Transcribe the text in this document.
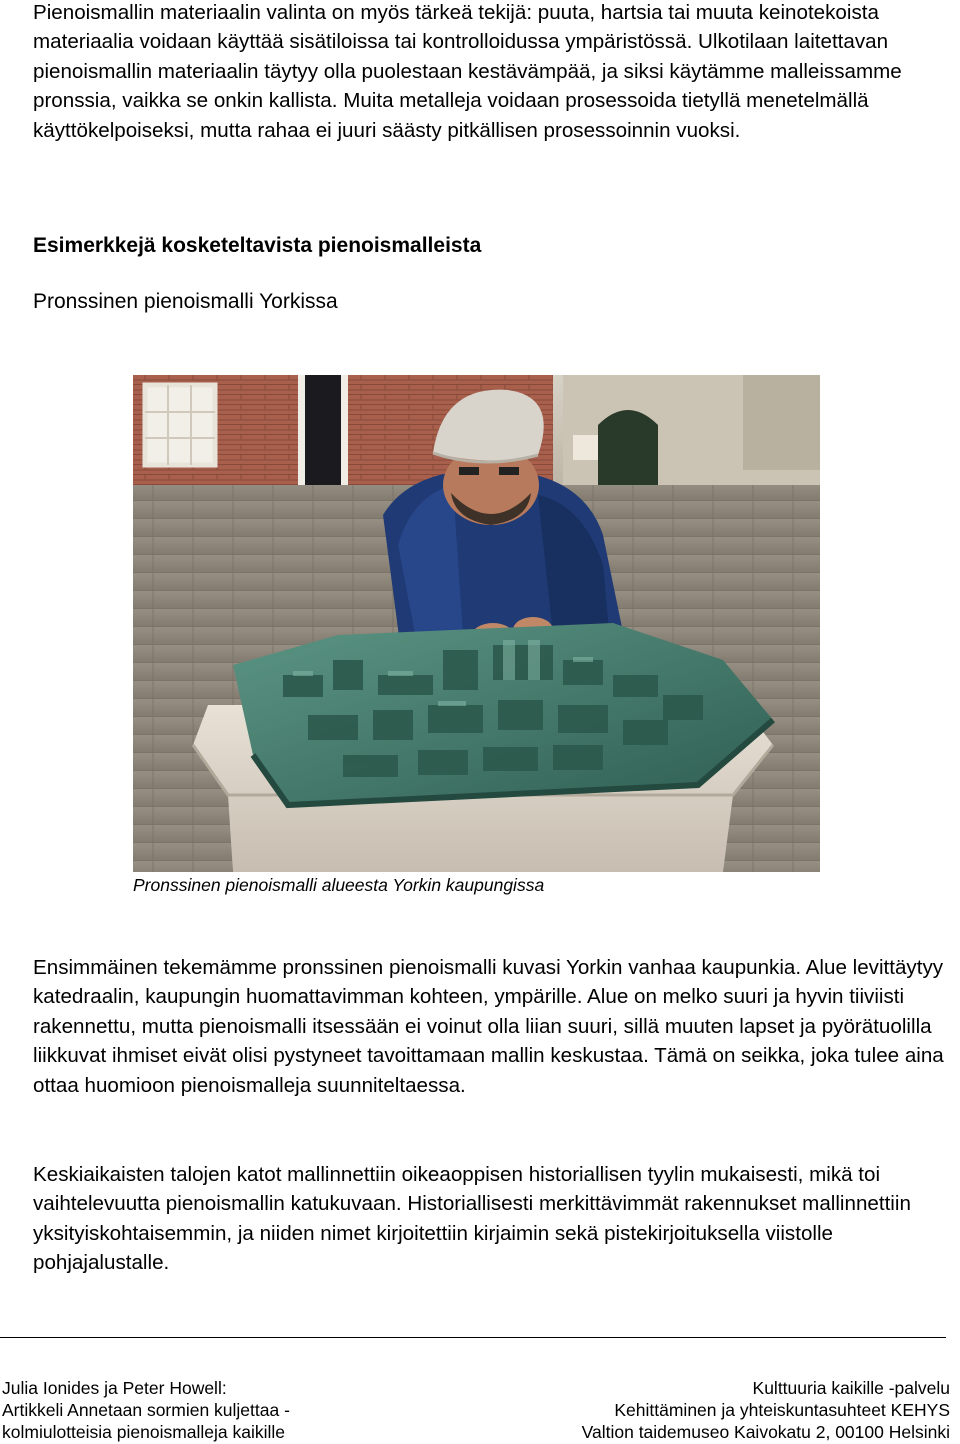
Pienoismallin materiaalin valinta on myös tärkeä tekijä: puuta, hartsia tai muuta keinotekoista materiaalia voidaan käyttää sisätiloissa tai kontrolloidussa ympäristössä. Ulkotilaan laitettavan pienoismallin materiaalin täytyy olla puolestaan kestävämpää, ja siksi käytämme malleissamme pronssia, vaikka se onkin kallista. Muita metalleja voidaan prosessoida tietyllä menetelmällä käyttökelpoiseksi, mutta rahaa ei juuri säästy pitkällisen prosessoinnin vuoksi.

Esimerkkejä kosketeltavista pienoismalleista

Pronssinen pienoismalli Yorkissa

Pronssinen pienoismalli alueesta Yorkin kaupungissa

Ensimmäinen tekemämme pronssinen pienoismalli kuvasi Yorkin vanhaa kaupunkia. Alue levittäytyy katedraalin, kaupungin huomattavimman kohteen, ympärille. Alue on melko suuri ja hyvin tiiviisti rakennettu, mutta pienoismalli itsessään ei voinut olla liian suuri, sillä muuten lapset ja pyörätuolilla liikkuvat ihmiset eivät olisi pystyneet tavoittamaan mallin keskustaa. Tämä on seikka, joka tulee aina ottaa huomioon pienoismalleja suunniteltaessa.

Keskiaikaisten talojen katot mallinnettiin oikeaoppisen historiallisen tyylin mukaisesti, mikä toi vaihtelevuutta pienoismallin katukuvaan. Historiallisesti merkittävimmät rakennukset mallinnettiin yksityiskohtaisemmin, ja niiden nimet kirjoitettiin kirjaimin sekä pistekirjoituksella viistolle pohjajalustalle.

Julia Ionides ja Peter Howell:
Artikkeli Annetaan sormien kuljettaa -
kolmiulotteisia pienoismalleja kaikille
Kulttuuria kaikille -palvelu
Kehittäminen ja yhteiskuntasuhteet KEHYS
Valtion taidemuseo Kaivokatu 2, 00100 Helsinki
